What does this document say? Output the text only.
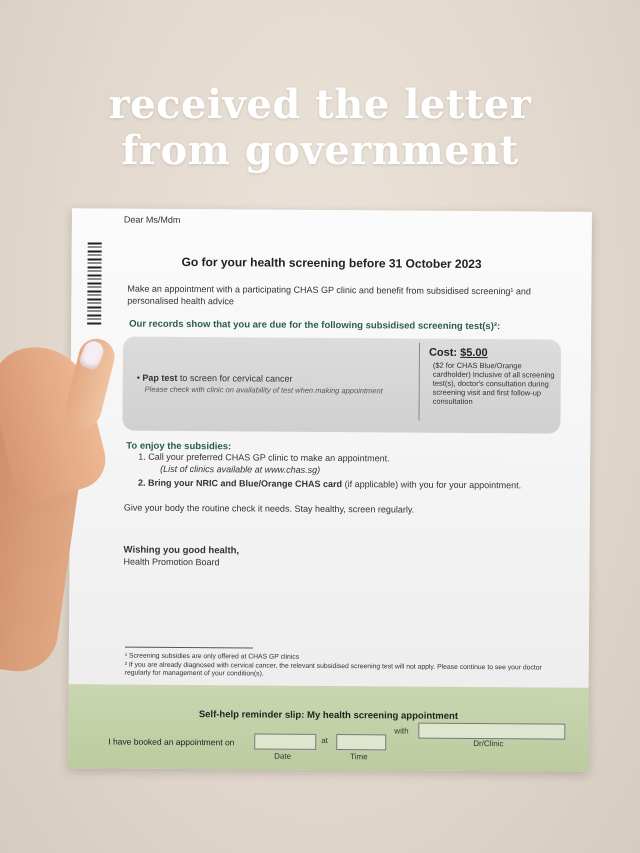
received the letter
from government
Dear Ms/Mdm
Go for your health screening before 31 October 2023
Make an appointment with a participating CHAS GP clinic and benefit from subsidised screening¹ and personalised health advice
Our records show that you are due for the following subsidised screening test(s)²:
• Pap test to screen for cervical cancer
Please check with clinic on availability of test when making appointment
Cost: $5.00
($2 for CHAS Blue/Orange cardholder) Inclusive of all screening test(s), doctor's consultation during screening visit and first follow-up consultation
To enjoy the subsidies:
1. Call your preferred CHAS GP clinic to make an appointment.
(List of clinics available at www.chas.sg)
2. Bring your NRIC and Blue/Orange CHAS card (if applicable) with you for your appointment.
Give your body the routine check it needs. Stay healthy, screen regularly.
Wishing you good health,
Health Promotion Board
¹ Screening subsidies are only offered at CHAS GP clinics
² If you are already diagnosed with cervical cancer, the relevant subsidised screening test will not apply. Please continue to see your doctor regularly for management of your condition(s).
Self-help reminder slip: My health screening appointment
I have booked an appointment on	at
with
Date	Time
Dr/Clinic
